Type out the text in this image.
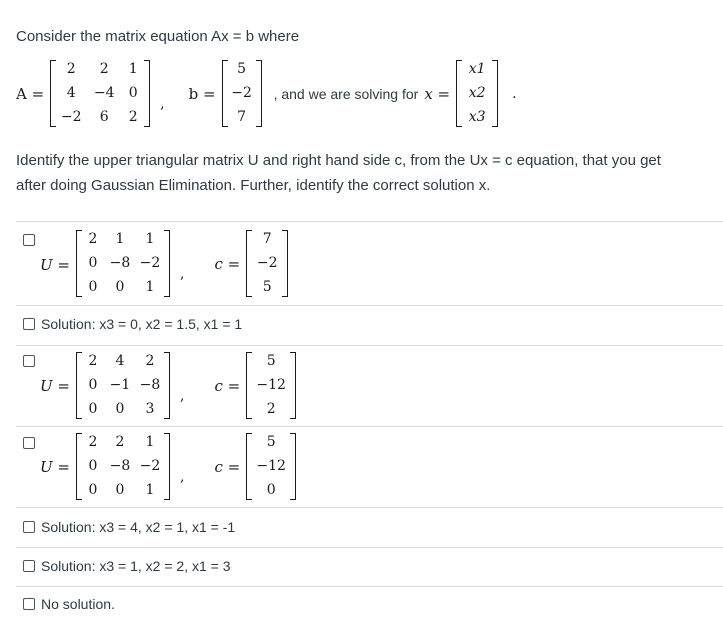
Consider the matrix equation Ax = b where
A =
2	2	1
4	−4	0
−2	6	2
,
b =
5
−2
7
, and we are solving for x =
x1
x2
x3
.
Identify the upper triangular matrix U and right hand side c, from the Ux = c equation, that you get
after doing Gaussian Elimination. Further, identify the correct solution x.
U =
2	1	1
0 −8 −2
0	0	1
,
c =
7
−2
5
Solution: x3 = 0, x2 = 1.5, x1 = 1
U =
2	4	2
0 −1 −8
0	0	3
,
c =
5
−12
2
U =
2	2	1
0 −8 −2
0	0	1
,
c =
5
−12
0
Solution: x3 = 4, x2 = 1, x1 = -1
Solution: x3 = 1, x2 = 2, x1 = 3
No solution.
